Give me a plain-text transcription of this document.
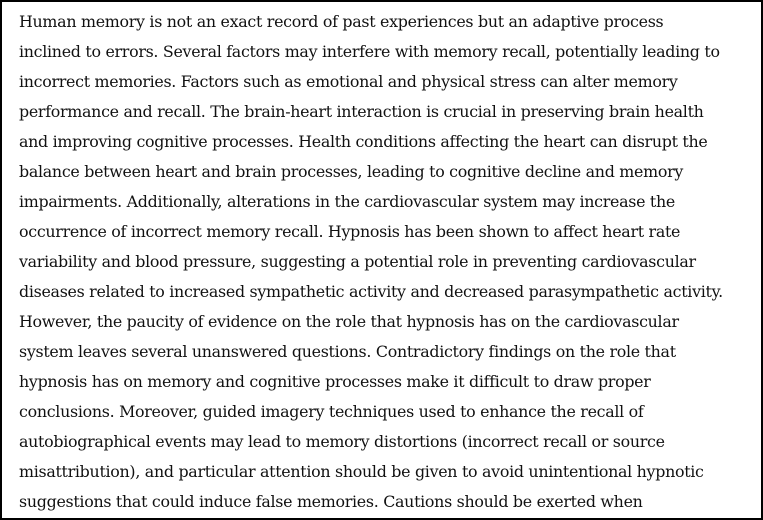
Human memory is not an exact record of past experiences but an adaptive process
inclined to errors. Several factors may interfere with memory recall, potentially leading to
incorrect memories. Factors such as emotional and physical stress can alter memory
performance and recall. The brain-heart interaction is crucial in preserving brain health
and improving cognitive processes. Health conditions affecting the heart can disrupt the
balance between heart and brain processes, leading to cognitive decline and memory
impairments. Additionally, alterations in the cardiovascular system may increase the
occurrence of incorrect memory recall. Hypnosis has been shown to affect heart rate
variability and blood pressure, suggesting a potential role in preventing cardiovascular
diseases related to increased sympathetic activity and decreased parasympathetic activity.
However, the paucity of evidence on the role that hypnosis has on the cardiovascular
system leaves several unanswered questions. Contradictory findings on the role that
hypnosis has on memory and cognitive processes make it difficult to draw proper
conclusions. Moreover, guided imagery techniques used to enhance the recall of
autobiographical events may lead to memory distortions (incorrect recall or source
misattribution), and particular attention should be given to avoid unintentional hypnotic
suggestions that could induce false memories. Cautions should be exerted when
